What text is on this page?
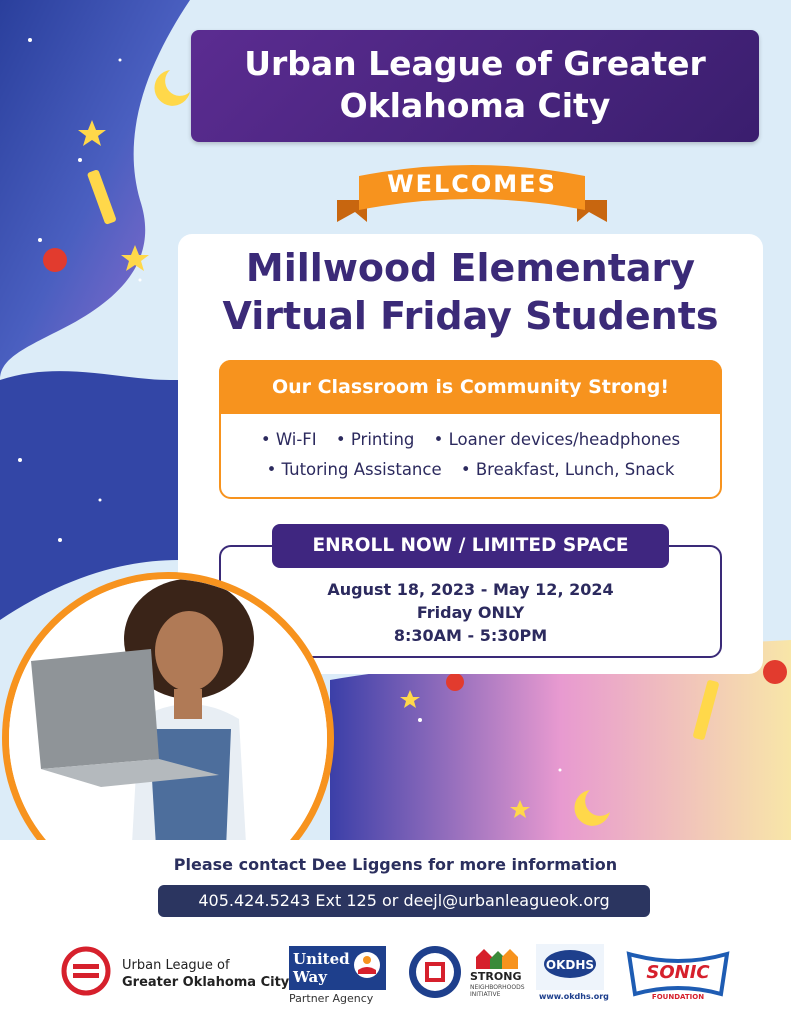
Urban League of Greater
Oklahoma City
WELCOMES
Millwood Elementary
Virtual Friday Students
Our Classroom is Community Strong!
• Wi-FI • Printing • Loaner devices/headphones
• Tutoring Assistance • Breakfast, Lunch, Snack
ENROLL NOW / LIMITED SPACE
August 18, 2023 - May 12, 2024
Friday ONLY
8:30AM - 5:30PM
Please contact Dee Liggens for more information
405.424.5243 Ext 125 or deejl@urbanleagueok.org
Urban League of
Greater Oklahoma City
United
Way
Partner Agency
STRONG
NEIGHBORHOODS INITIATIVE
OKDHS
www.okdhs.org
SONIC
FOUNDATION
